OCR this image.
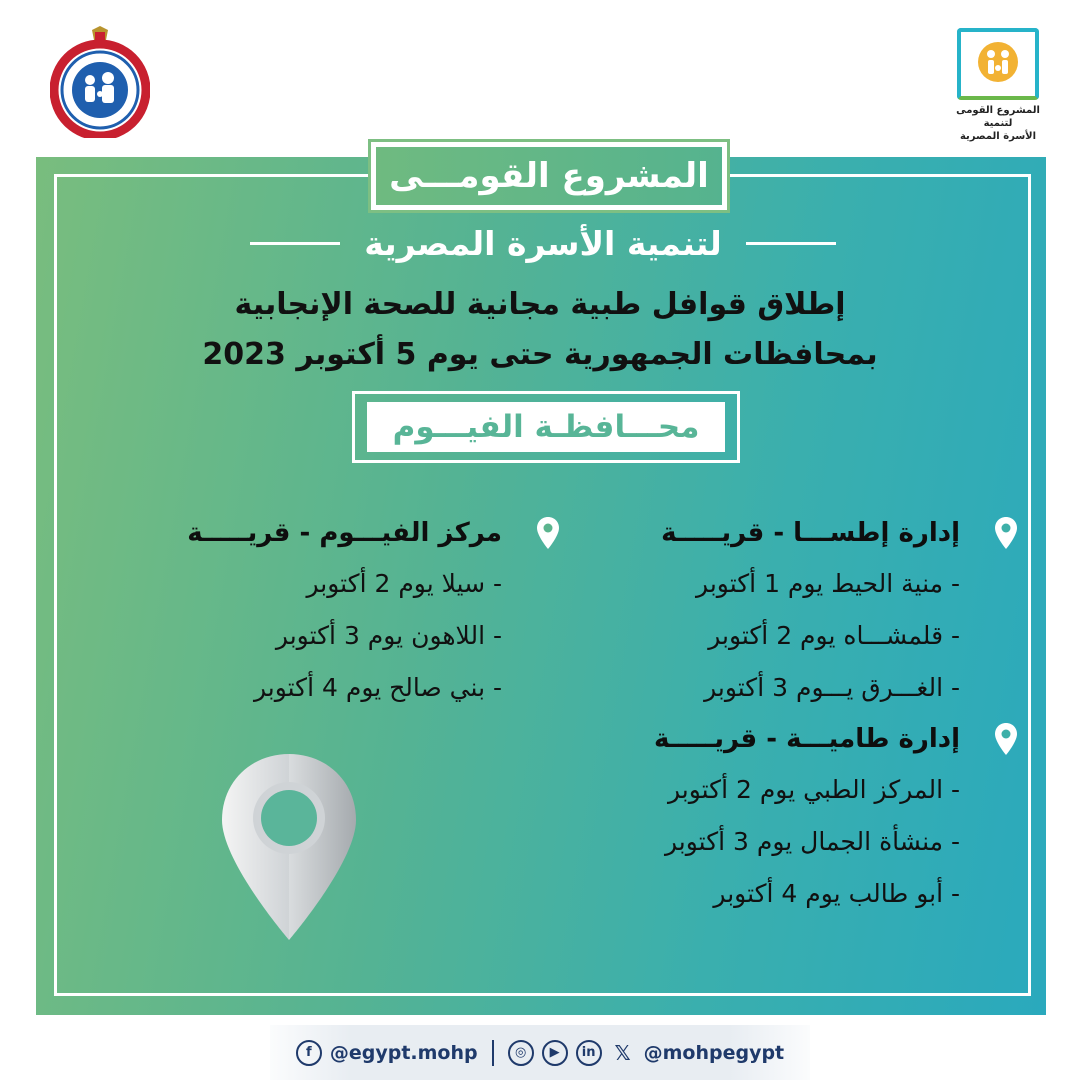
المشروع القومى
لتنمية
الأسرة المصرية
المشروع القومـــى
لتنمية الأسرة المصرية
إطلاق قوافل طبية مجانية للصحة الإنجابية
بمحافظات الجمهورية حتى يوم 5 أكتوبر 2023
محـــافظـة الفيـــوم
إدارة إطســـا - قريـــــة
- منية الحيط يوم 1 أكتوبر
- قلمشـــاه يوم 2 أكتوبر
- الغـــرق يـــوم 3 أكتوبر
إدارة طاميـــة - قريـــــة
- المركز الطبي يوم 2 أكتوبر
- منشأة الجمال يوم 3 أكتوبر
- أبو طالب يوم 4 أكتوبر
مركز الفيـــوم - قريـــــة
- سيلا يوم 2 أكتوبر
- اللاهون يوم 3 أكتوبر
- بني صالح يوم 4 أكتوبر
f @egypt.mohp	◎	▶	in 𝕏 @mohpegypt
